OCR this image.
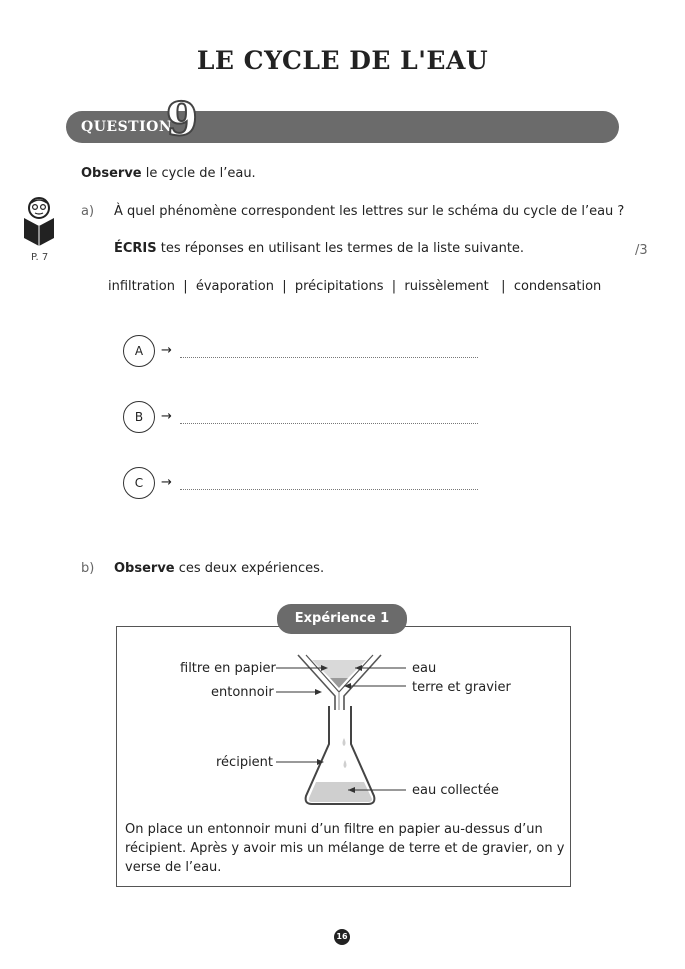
LE CYCLE DE L'EAU
QUESTION
9
Observe le cycle de l’eau.
P. 7
a) À quel phénomène correspondent les lettres sur le schéma du cycle de l’eau ?
ÉCRIS tes réponses en utilisant les termes de la liste suivante.	/3
infiltration  |  évaporation  |  précipitations  |  ruissèlement   |  condensation
A	→
B	→
C	→
b) Observe ces deux expériences.
Expérience 1
filtre en papier
entonnoir
récipient
eau
terre et gravier
eau collectée
On place un entonnoir muni d’un filtre en papier au-dessus d’un
récipient. Après y avoir mis un mélange de terre et de gravier, on y
verse de l’eau.
16
